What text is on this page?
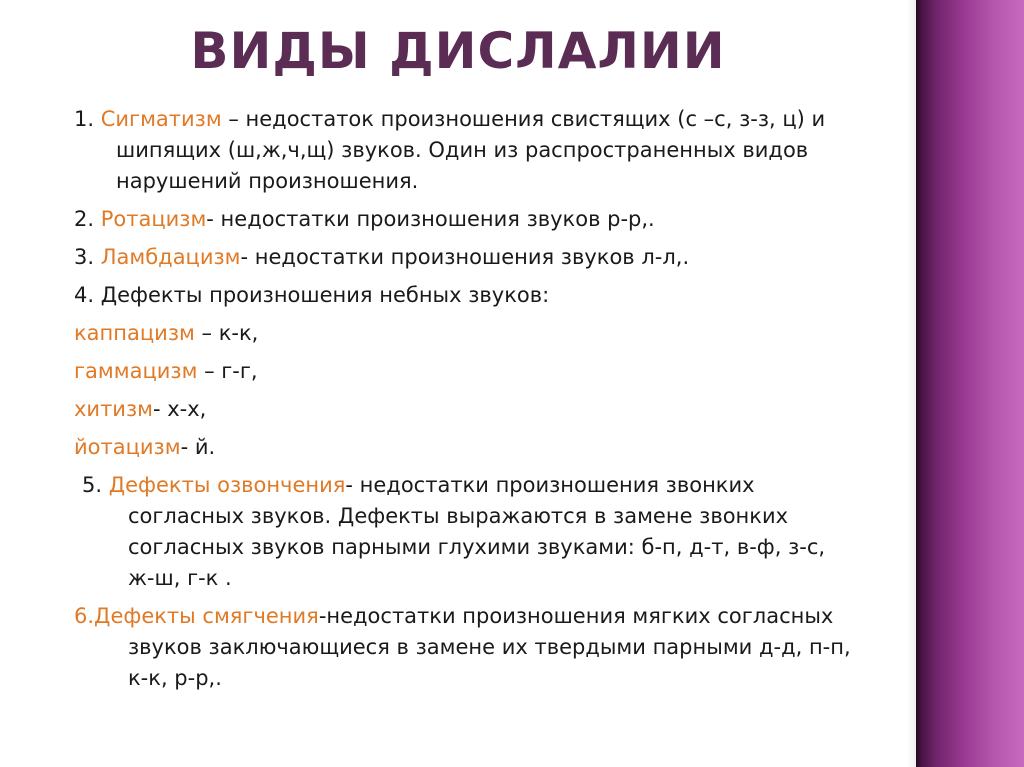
ВИДЫ ДИСЛАЛИИ
1. Сигматизм – недостаток произношения свистящих (с –с, з-з, ц) и шипящих (ш,ж,ч,щ) звуков. Один из распространенных видов нарушений произношения.
2. Ротацизм- недостатки произношения звуков р-р,.
3. Ламбдацизм- недостатки произношения звуков л-л,.
4. Дефекты произношения небных звуков:
каппацизм – к-к,
гаммацизм – г-г,
хитизм- х-х,
йотацизм- й.
5. Дефекты озвончения- недостатки произношения звонких согласных звуков. Дефекты выражаются в замене звонких согласных звуков парными глухими звуками: б-п, д-т, в-ф, з-с, ж-ш, г-к .
6.Дефекты смягчения-недостатки произношения мягких согласных звуков заключающиеся в замене их твердыми парными д-д, п-п, к-к, р-р,.
